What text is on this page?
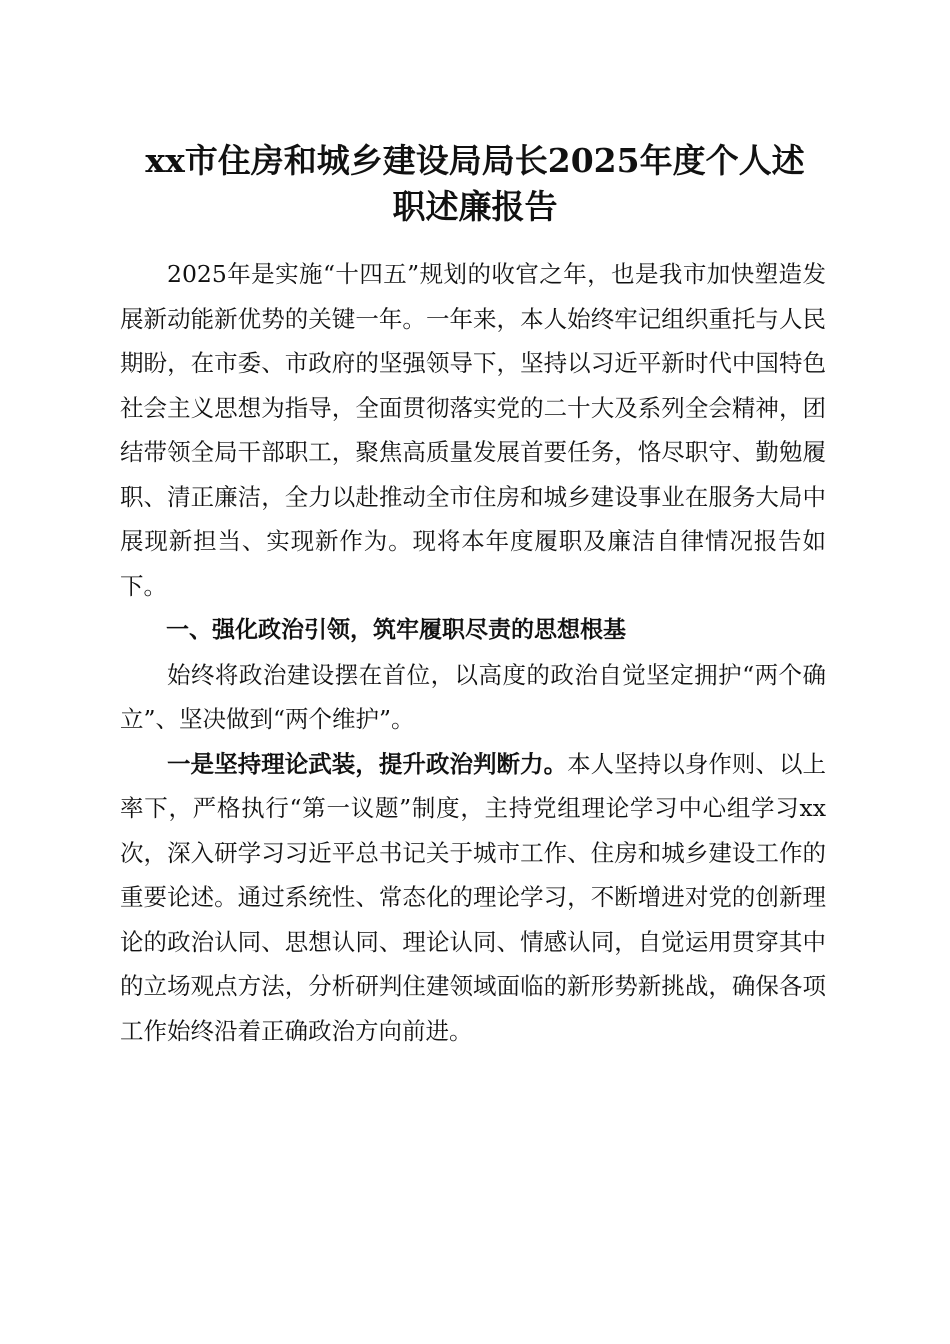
xx市住房和城乡建设局局长2025年度个人述
职述廉报告

2025年是实施“十四五”规划的收官之年，也是我市加快塑造发展新动能新优势的关键一年。一年来，本人始终牢记组织重托与人民期盼，在市委、市政府的坚强领导下，坚持以习近平新时代中国特色社会主义思想为指导，全面贯彻落实党的二十大及系列全会精神，团结带领全局干部职工，聚焦高质量发展首要任务，恪尽职守、勤勉履职、清正廉洁，全力以赴推动全市住房和城乡建设事业在服务大局中展现新担当、实现新作为。现将本年度履职及廉洁自律情况报告如下。

一、强化政治引领，筑牢履职尽责的思想根基

始终将政治建设摆在首位，以高度的政治自觉坚定拥护“两个确立”、坚决做到“两个维护”。

一是坚持理论武装，提升政治判断力。本人坚持以身作则、以上率下，严格执行“第一议题”制度，主持党组理论学习中心组学习xx次，深入研学习习近平总书记关于城市工作、住房和城乡建设工作的重要论述。通过系统性、常态化的理论学习，不断增进对党的创新理论的政治认同、思想认同、理论认同、情感认同，自觉运用贯穿其中的立场观点方法，分析研判住建领域面临的新形势新挑战，确保各项工作始终沿着正确政治方向前进。
